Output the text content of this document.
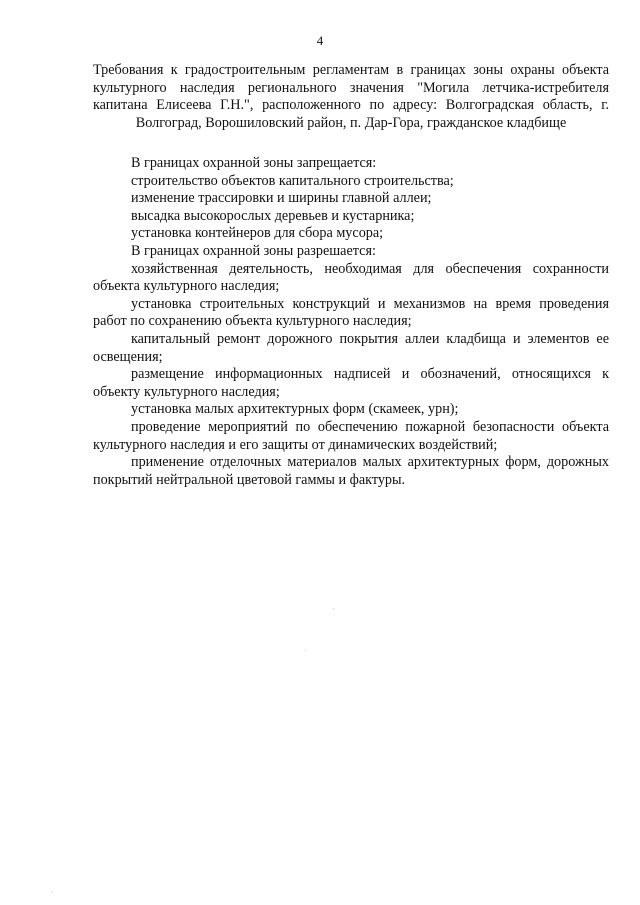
4
Требования к градостроительным регламентам в границах зоны охраны объекта культурного наследия регионального значения "Могила летчика-истребителя капитана Елисеева Г.Н.", расположенного по адресу: Волгоградская область, г. Волгоград, Ворошиловский район, п. Дар-Гора, гражданское кладбище

В границах охранной зоны запрещается:

строительство объектов капитального строительства;

изменение трассировки и ширины главной аллеи;

высадка высокорослых деревьев и кустарника;

установка контейнеров для сбора мусора;

В границах охранной зоны разрешается:

хозяйственная деятельность, необходимая для обеспечения сохранности объекта культурного наследия;

установка строительных конструкций и механизмов на время проведения работ по сохранению объекта культурного наследия;

капитальный ремонт дорожного покрытия аллеи кладбища и элементов ее освещения;

размещение информационных надписей и обозначений, относящихся к объекту культурного наследия;

установка малых архитектурных форм (скамеек, урн);

проведение мероприятий по обеспечению пожарной безопасности объекта культурного наследия и его защиты от динамических воздействий;

применение отделочных материалов малых архитектурных форм, дорожных покрытий нейтральной цветовой гаммы и фактуры.
